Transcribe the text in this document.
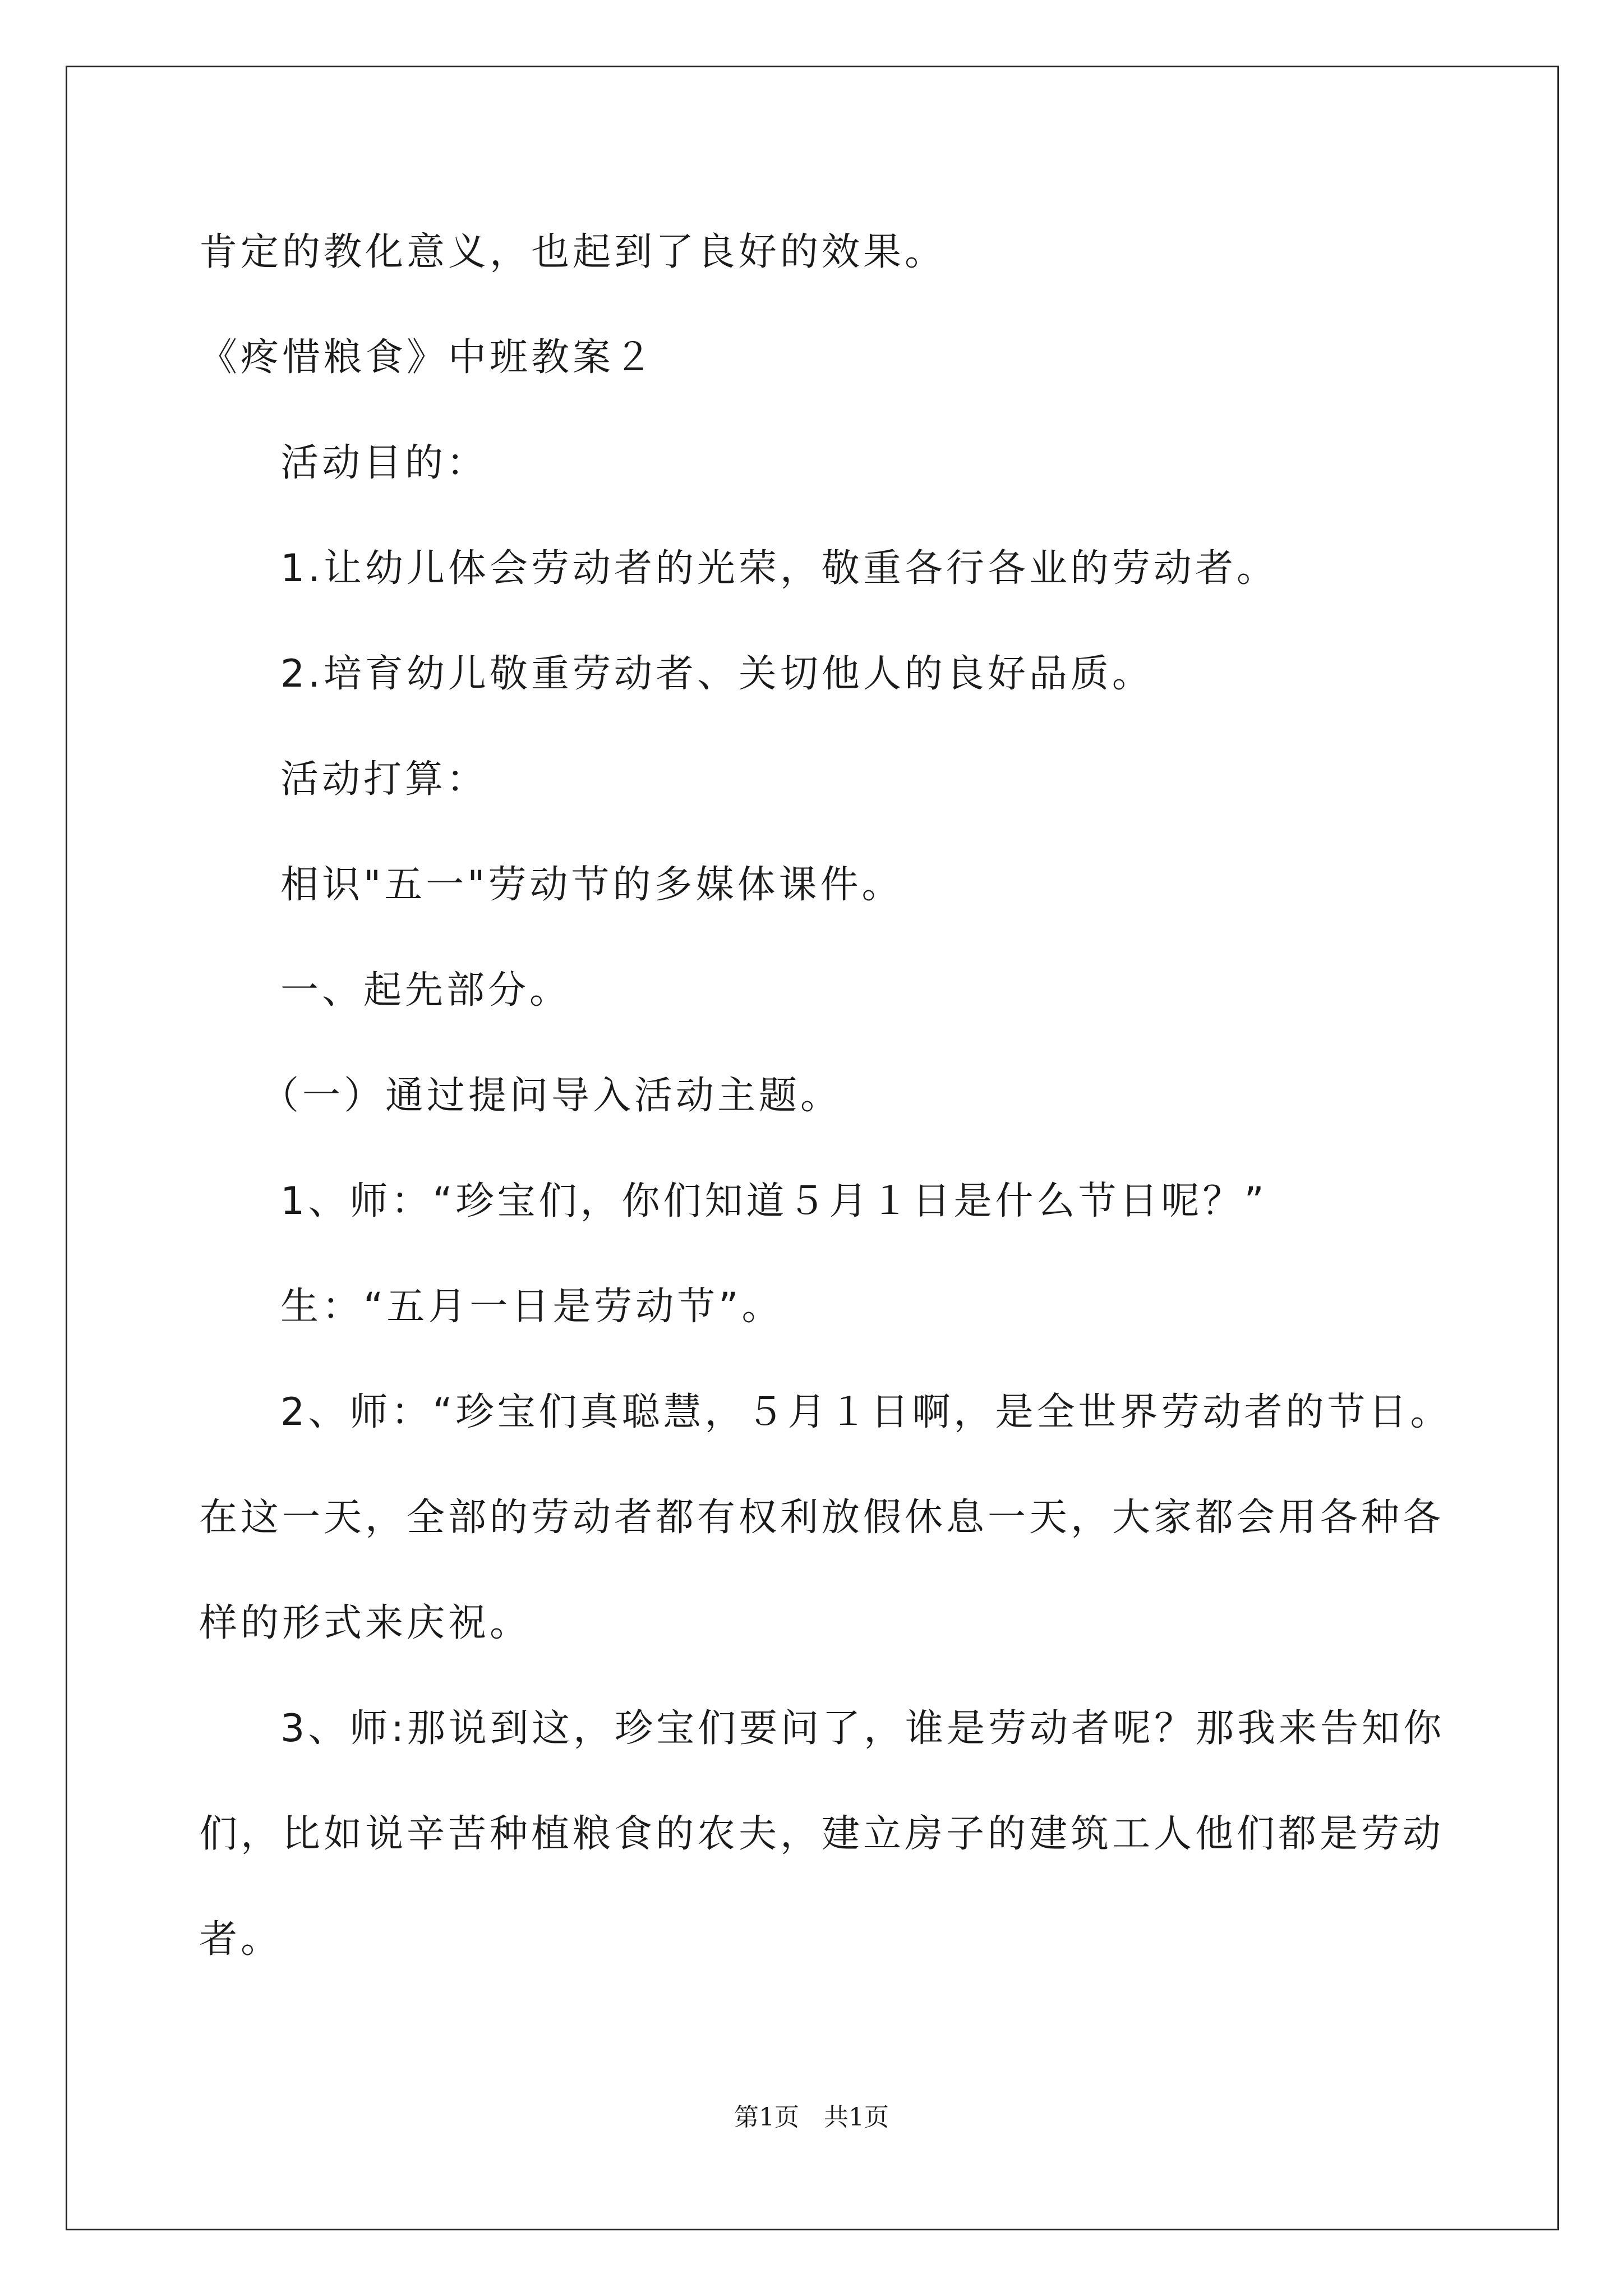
肯定的教化意义，也起到了良好的效果。

《疼惜粮食》中班教案２

活动目的：

1.让幼儿体会劳动者的光荣，敬重各行各业的劳动者。

2.培育幼儿敬重劳动者、关切他人的良好品质。

活动打算：

相识"五一"劳动节的多媒体课件。

一、起先部分。

（一）通过提问导入活动主题。

1、师：“珍宝们，你们知道５月１日是什么节日呢？”

生：“五月一日是劳动节”。

2、师：“珍宝们真聪慧，５月１日啊，是全世界劳动者的节日。

在这一天，全部的劳动者都有权利放假休息一天，大家都会用各种各

样的形式来庆祝。

3、师:那说到这，珍宝们要问了，谁是劳动者呢？那我来告知你

们，比如说辛苦种植粮食的农夫，建立房子的建筑工人他们都是劳动

者。

第1页 共1页
